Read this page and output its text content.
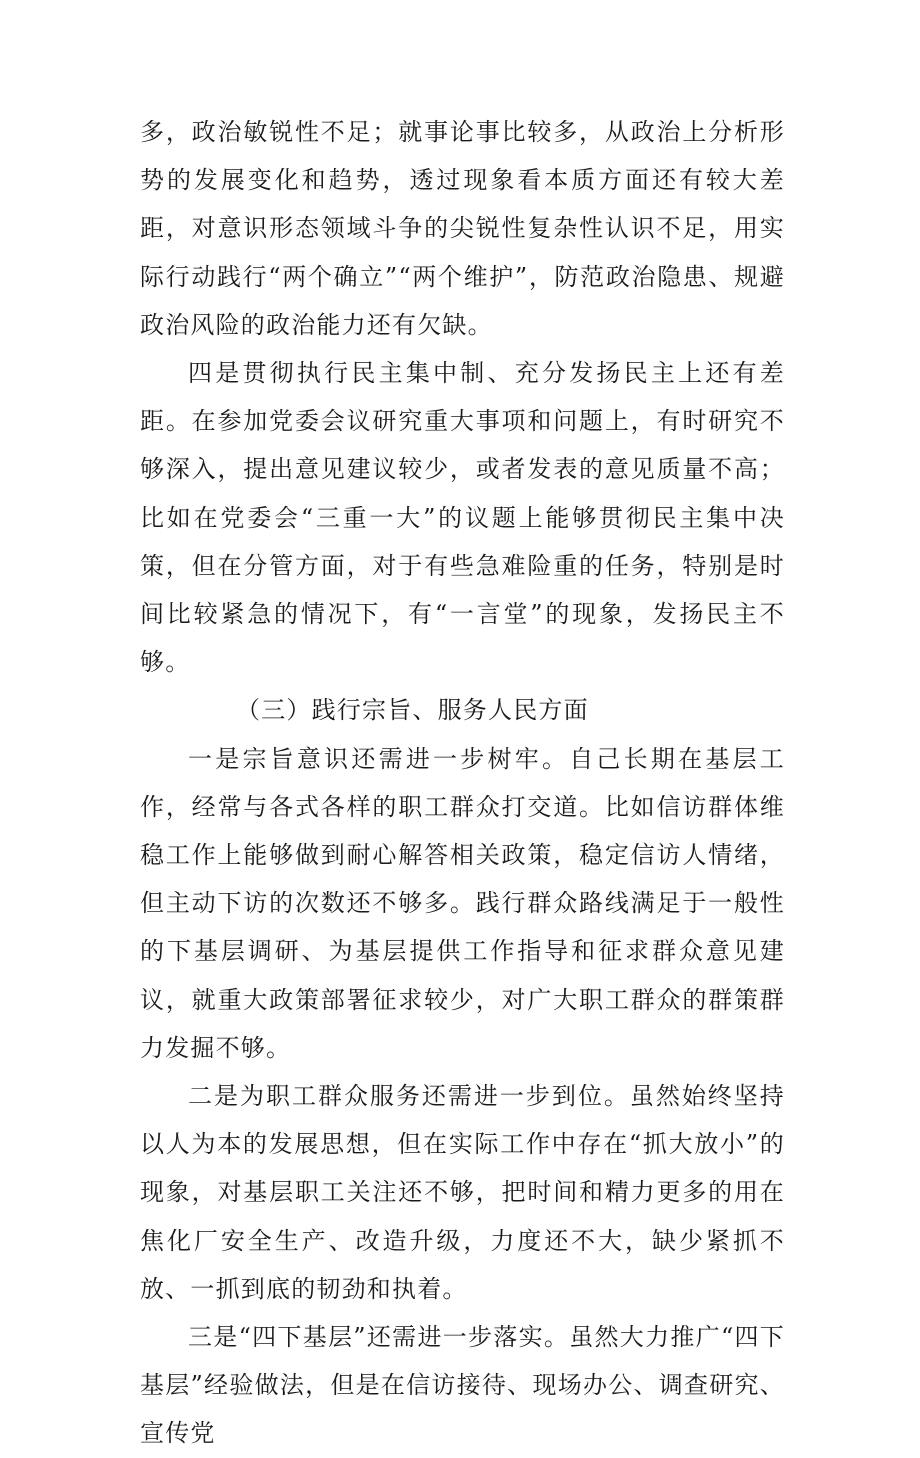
多，政治敏锐性不足；就事论事比较多，从政治上分析形势的发展变化和趋势，透过现象看本质方面还有较大差距，对意识形态领域斗争的尖锐性复杂性认识不足，用实际行动践行“两个确立”“两个维护”，防范政治隐患、规避政治风险的政治能力还有欠缺。

四是贯彻执行民主集中制、充分发扬民主上还有差距。在参加党委会议研究重大事项和问题上，有时研究不够深入，提出意见建议较少，或者发表的意见质量不高；比如在党委会“三重一大”的议题上能够贯彻民主集中决策，但在分管方面，对于有些急难险重的任务，特别是时间比较紧急的情况下，有“一言堂”的现象，发扬民主不够。

（三）践行宗旨、服务人民方面

一是宗旨意识还需进一步树牢。自己长期在基层工作，经常与各式各样的职工群众打交道。比如信访群体维稳工作上能够做到耐心解答相关政策，稳定信访人情绪，但主动下访的次数还不够多。践行群众路线满足于一般性的下基层调研、为基层提供工作指导和征求群众意见建议，就重大政策部署征求较少，对广大职工群众的群策群力发掘不够。

二是为职工群众服务还需进一步到位。虽然始终坚持以人为本的发展思想，但在实际工作中存在“抓大放小”的现象，对基层职工关注还不够，把时间和精力更多的用在焦化厂安全生产、改造升级，力度还不大，缺少紧抓不放、一抓到底的韧劲和执着。

三是“四下基层”还需进一步落实。虽然大力推广“四下基层”经验做法，但是在信访接待、现场办公、调查研究、宣传党
